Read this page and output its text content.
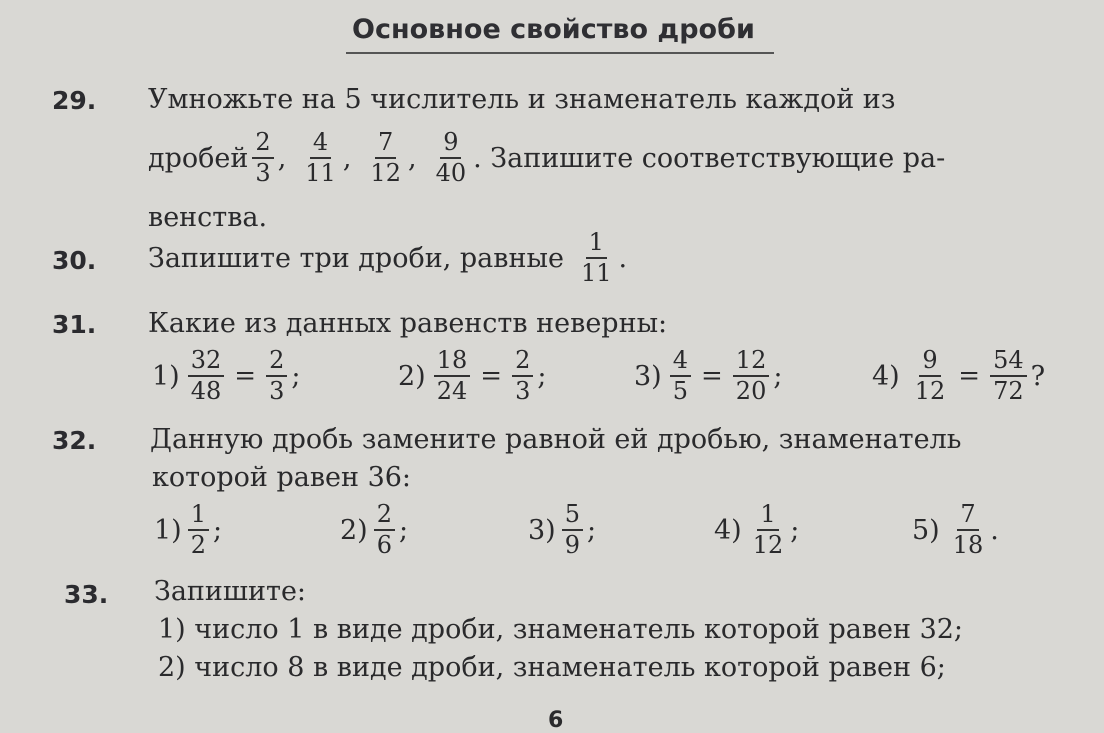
Основное свойство дроби
29. Умножьте на 5 числитель и знаменатель каждой из
дробей $\frac{2}{3}$ , $\frac{4}{11}$ , $\frac{7}{12}$ , $\frac{9}{40}$ . Запишите соответствующие ра-
венства.
30. Запишите три дроби, равные $\frac{1}{11}$ .
31. Какие из данных равенств неверны:
$1) \frac{32}{48} = \frac{2}{3}$ ;	$2) \frac{18}{24} = \frac{2}{3}$ ;	$3) \frac{4}{5} = \frac{12}{20}$ ;	$4) \frac{9}{12} = \frac{54}{72}$ ?
32. Данную дробь замените равной ей дробью, знаменатель
которой равен 36:
$1) \frac{1}{2}$ ;	$2) \frac{2}{6}$ ;	$3) \frac{5}{9}$ ;	$4) \frac{1}{12}$ ;	$5) \frac{7}{18}$ .
33. Запишите:
1) число 1 в виде дроби, знаменатель которой равен 32;
2) число 8 в виде дроби, знаменатель которой равен 6;
6
